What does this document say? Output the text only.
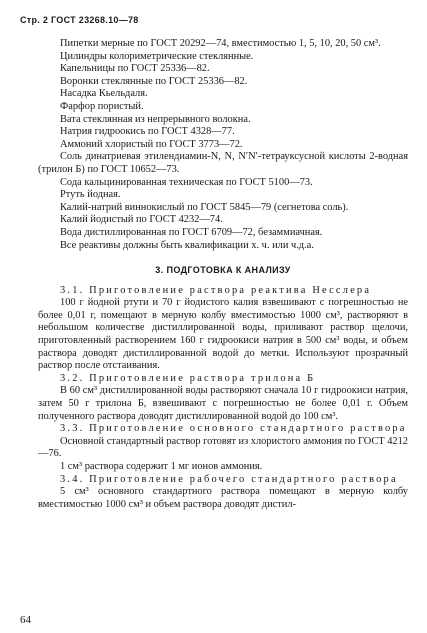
Стр. 2 ГОСТ 23268.10—78

Пипетки мерные по ГОСТ 20292—74, вместимостью 1, 5, 10, 20, 50 см³.

Цилиндры колориметрические стеклянные.

Капельницы по ГОСТ 25336—82.

Воронки стеклянные по ГОСТ 25336—82.

Насадка Кьельдаля.

Фарфор пористый.

Вата стеклянная из непрерывного волокна.

Натрия гидроокись по ГОСТ 4328—77.

Аммоний хлористый по ГОСТ 3773—72.

Соль динатриевая этилендиамин-N, N, N′N′-тетрауксусной кислоты 2-водная (трилон Б) по ГОСТ 10652—73.

Сода кальцинированная техническая по ГОСТ 5100—73.

Ртуть йодная.

Калий-натрий виннокислый по ГОСТ 5845—79 (сегнетова соль).

Калий йодистый по ГОСТ 4232—74.

Вода дистиллированная по ГОСТ 6709—72, безаммиачная.

Все реактивы должны быть квалификации х. ч. или ч.д.а.

3. ПОДГОТОВКА К АНАЛИЗУ

3.1. Приготовление раствора реактива Несслера

100 г йодной ртути и 70 г йодистого калия взвешивают с погрешностью не более 0,01 г, помещают в мерную колбу вместимостью 1000 см³, растворяют в небольшом количестве дистиллированной воды, приливают раствор щелочи, приготовленный растворением 160 г гидроокиси натрия в 500 см³ воды, и объем раствора доводят дистиллированной водой до метки. Используют прозрачный раствор после отстаивания.

3.2. Приготовление раствора трилона Б

В 60 см³ дистиллированной воды растворяют сначала 10 г гидроокиси натрия, затем 50 г трилона Б, взвешивают с погрешностью не более 0,01 г. Объем полученного раствора доводят дистиллированной водой до 100 см³.

3.3. Приготовление основного стандартного раствора

Основной стандартный раствор готовят из хлористого аммония по ГОСТ 4212—76.

1 см³ раствора содержит 1 мг ионов аммония.

3.4. Приготовление рабочего стандартного раствора

5 см³ основного стандартного раствора помещают в мерную колбу вместимостью 1000 см³ и объем раствора доводят дистил-

64
